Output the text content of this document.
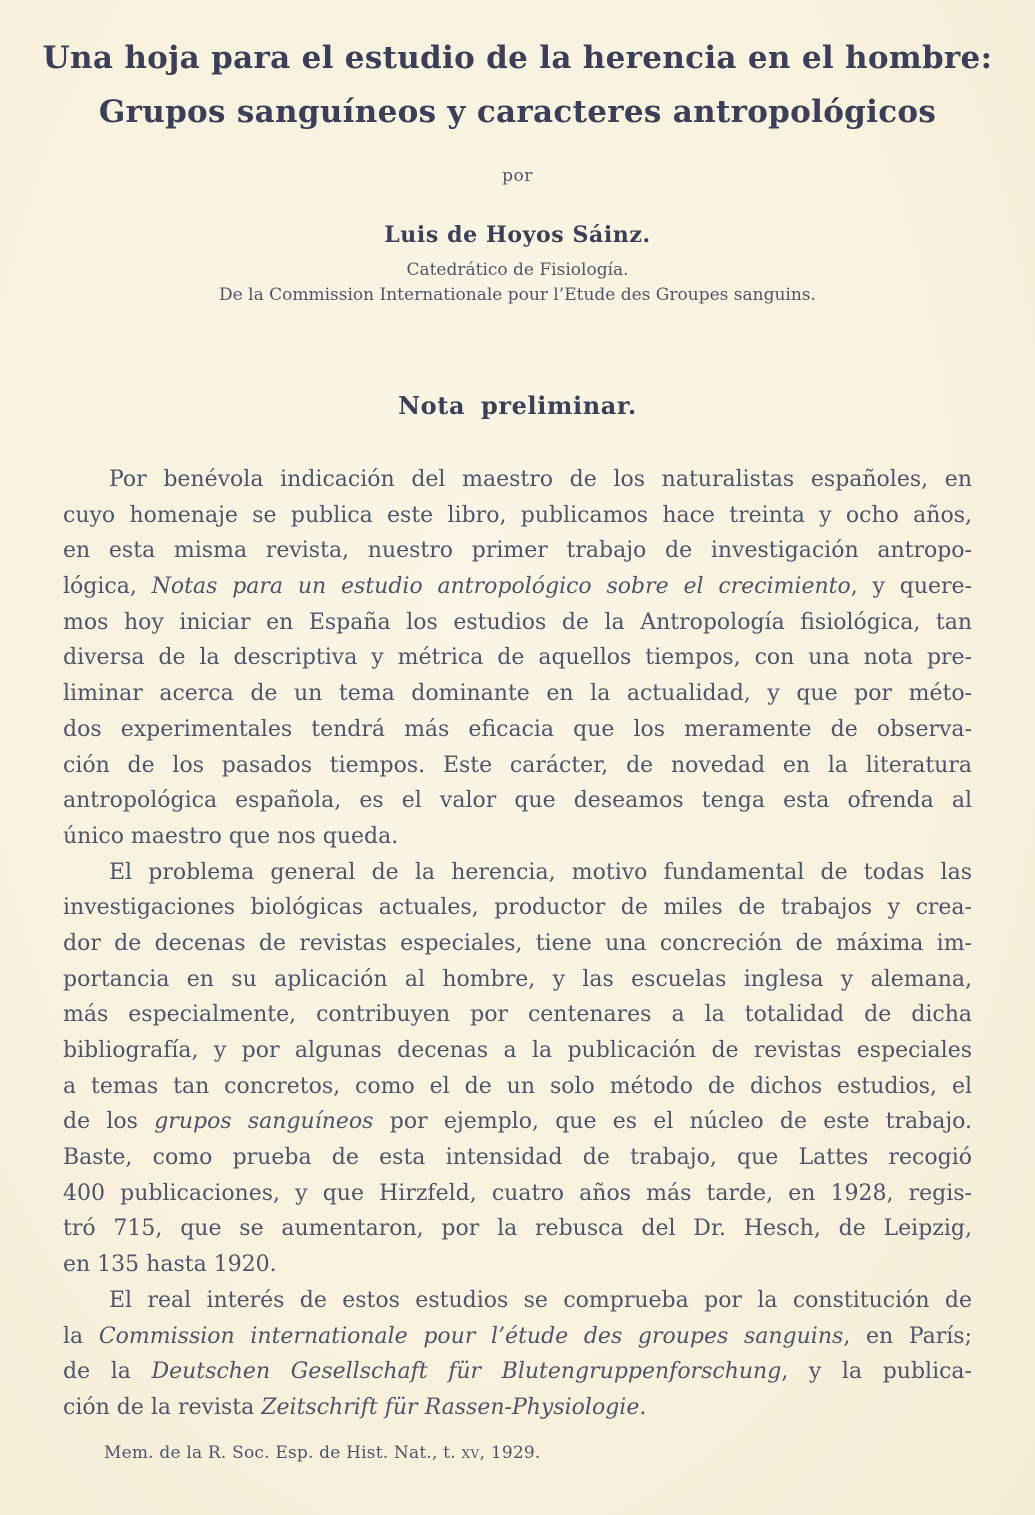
Una hoja para el estudio de la herencia en el hombre:
Grupos sanguíneos y caracteres antropológicos
por
Luis de Hoyos Sáinz.
Catedrático de Fisiología.
De la Commission Internationale pour l’Etude des Groupes sanguins.
Nota preliminar.
Por benévola indicación del maestro de los naturalistas españoles, en
cuyo homenaje se publica este libro, publicamos hace treinta y ocho años,
en esta misma revista, nuestro primer trabajo de investigación antropo-
lógica, Notas para un estudio antropológico sobre el crecimiento, y quere-
mos hoy iniciar en España los estudios de la Antropología fisiológica, tan
diversa de la descriptiva y métrica de aquellos tiempos, con una nota pre-
liminar acerca de un tema dominante en la actualidad, y que por méto-
dos experimentales tendrá más eficacia que los meramente de observa-
ción de los pasados tiempos. Este carácter, de novedad en la literatura
antropológica española, es el valor que deseamos tenga esta ofrenda al
único maestro que nos queda.
El problema general de la herencia, motivo fundamental de todas las
investigaciones biológicas actuales, productor de miles de trabajos y crea-
dor de decenas de revistas especiales, tiene una concreción de máxima im-
portancia en su aplicación al hombre, y las escuelas inglesa y alemana,
más especialmente, contribuyen por centenares a la totalidad de dicha
bibliografía, y por algunas decenas a la publicación de revistas especiales
a temas tan concretos, como el de un solo método de dichos estudios, el
de los grupos sanguíneos por ejemplo, que es el núcleo de este trabajo.
Baste, como prueba de esta intensidad de trabajo, que Lattes recogió
400 publicaciones, y que Hirzfeld, cuatro años más tarde, en 1928, regis-
tró 715, que se aumentaron, por la rebusca del Dr. Hesch, de Leipzig,
en 135 hasta 1920.
El real interés de estos estudios se comprueba por la constitución de
la Commission internationale pour l’étude des groupes sanguins, en París;
de la Deutschen Gesellschaft für Blutengruppenforschung, y la publica-
ción de la revista Zeitschrift für Rassen-Physiologie.
Mem. de la R. Soc. Esp. de Hist. Nat., t. xv, 1929.
